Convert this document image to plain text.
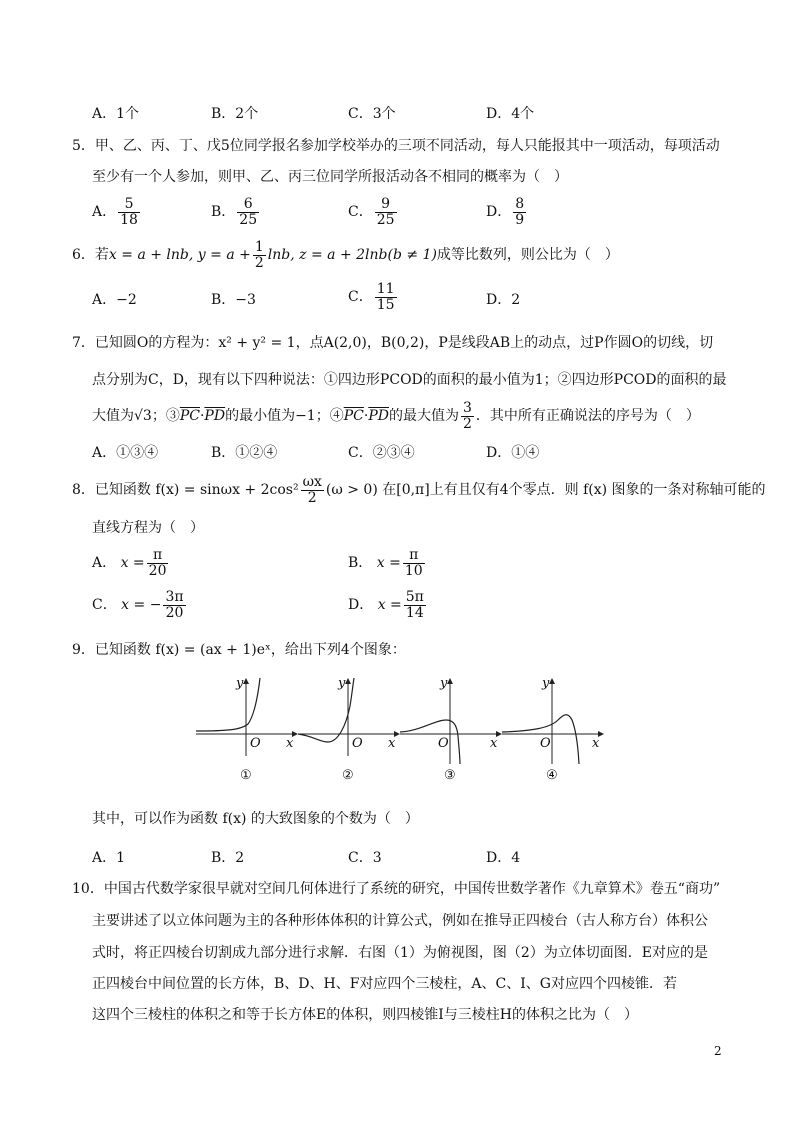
A．1个	B．2个	C．3个	D．4个
5．甲、乙、丙、丁、戊5位同学报名参加学校举办的三项不同活动，每人只能报其中一项活动，每项活动
至少有一个人参加，则甲、乙、丙三位同学所报活动各不相同的概率为（　）
A． $\frac{5}{18}$	B． $\frac{6}{25}$	C． $\frac{9}{25}$	D． $\frac{8}{9}$
6．若x = a + lnb, $y = a + \frac{1}{2} \ln b$, z = a + 2lnb(b ≠ 1)成等比数列，则公比为（　）
A．−2	B．−3	C． $\frac{11}{15}$	D．2
7．已知圆O的方程为：x² + y² = 1，点A(2,0)，B(0,2)，P是线段AB上的动点，过P作圆O的切线，切
点分别为C，D，现有以下四种说法：①四边形PCOD的面积的最小值为1；②四边形PCOD的面积的最
大值为√3；$③\overline{PC}\cdot\overline{PD}$的最小值为−1；$④\overline{PC}\cdot\overline{PD}$的最大值为 $\frac{3}{2}$ ．其中所有正确说法的序号为（　）
A．①③④	B．①②④	C．②③④	D．①④
8．已知函数 $f(x) = \sin\omega x + 2\cos^2 \frac{\omega x}{2} (\omega > 0)$ 在[0,π]上有且仅有4个零点．则 f(x) 图象的一条对称轴可能的
直线方程为（　）
A． $x = \frac{\pi}{20}$	B． $x = \frac{\pi}{10}$
C． x = − $\frac{3\pi}{20}$	D． $x = \frac{5\pi}{14}$
9．已知函数 f(x) = (ax + 1)eˣ，给出下列4个图象：
y
O x
①
y
O x
②
y
O	x
③
y
O	x
④
其中，可以作为函数 f(x) 的大致图象的个数为（　）
A．1	B．2	C．3	D．4
10．中国古代数学家很早就对空间几何体进行了系统的研究，中国传世数学著作《九章算术》卷五“商功”
主要讲述了以立体问题为主的各种形体体积的计算公式，例如在推导正四棱台（古人称方台）体积公
式时，将正四棱台切割成九部分进行求解．右图（1）为俯视图，图（2）为立体切面图．E对应的是
正四棱台中间位置的长方体，B、D、H、F对应四个三棱柱，A、C、I、G对应四个四棱锥．若
这四个三棱柱的体积之和等于长方体E的体积，则四棱锥I与三棱柱H的体积之比为（　）
2
